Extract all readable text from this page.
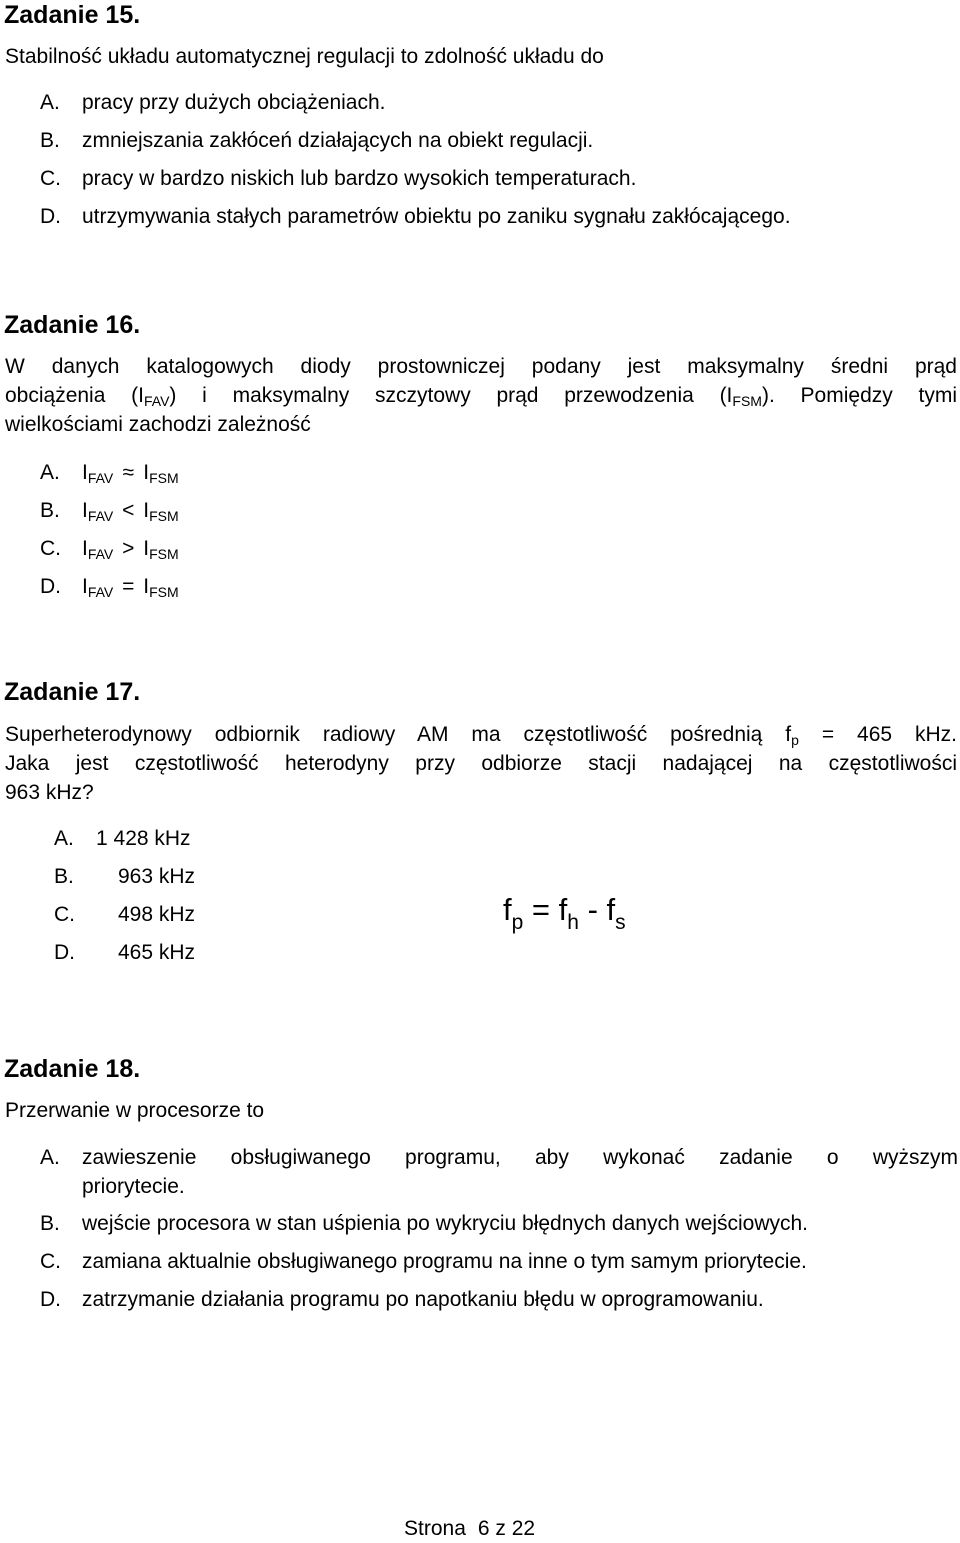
Zadanie 15.
Stabilność układu automatycznej regulacji to zdolność układu do
A. pracy przy dużych obciążeniach.
B. zmniejszania zakłóceń działających na obiekt regulacji.
C. pracy w bardzo niskich lub bardzo wysokich temperaturach.
D. utrzymywania stałych parametrów obiektu po zaniku sygnału zakłócającego.
Zadanie 16.
W danych katalogowych diody prostowniczej podany jest maksymalny średni prąd
obciążenia $(I_{FAV})$ i maksymalny szczytowy prąd przewodzenia $(I_{FSM})$. Pomiędzy tymi
wielkościami zachodzi zależność
A. $I_{FAV} \approx I_{FSM}$
B. $I_{FAV} < I_{FSM}$
C. $I_{FAV} > I_{FSM}$
D. $I_{FAV} = I_{FSM}$
Zadanie 17.
Superheterodynowy odbiornik radiowy AM ma częstotliwość pośrednią $f_p = 465$ kHz.
Jaka jest częstotliwość heterodyny przy odbiorze stacji nadającej na częstotliwości
963 kHz?
A. 1 428 kHz
B. 963 kHz
C. 498 kHz
D. 465 kHz
$f_p = f_h - f_s$
Zadanie 18.
Przerwanie w procesorze to
A. zawieszenie obsługiwanego programu, aby wykonać zadanie o wyższym
priorytecie.
B. wejście procesora w stan uśpienia po wykryciu błędnych danych wejściowych.
C. zamiana aktualnie obsługiwanego programu na inne o tym samym priorytecie.
D. zatrzymanie działania programu po napotkaniu błędu w oprogramowaniu.
Strona 6 z 22
